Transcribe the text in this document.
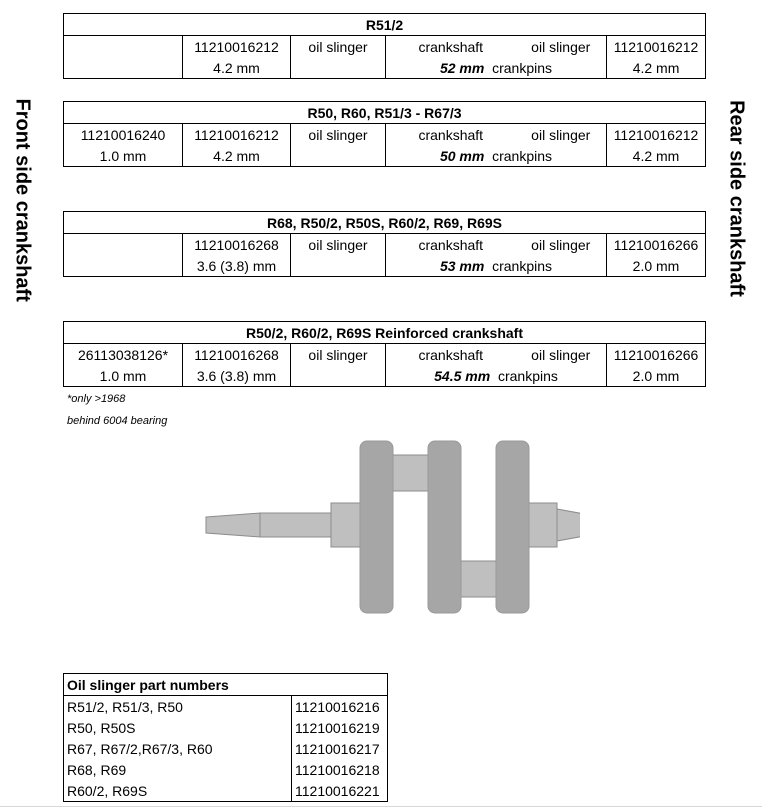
Front side crankshaft	Rear side crankshaft
R51/2					
	11210016212	oil slinger	crankshaft	oil slinger	11210016212
	4.2 mm		52 mm crankpins		4.2 mm
R50, R60, R51/3 - R67/3					
11210016240	11210016212	oil slinger	crankshaft	oil slinger	11210016212
1.0 mm	4.2 mm		50 mm crankpins		4.2 mm
R68, R50/2, R50S, R60/2, R69, R69S					
	11210016268	oil slinger	crankshaft	oil slinger	11210016266
	3.6 (3.8) mm		53 mm crankpins		2.0 mm
R50/2, R60/2, R69S Reinforced crankshaft					
26113038126*	11210016268	oil slinger	crankshaft	oil slinger	11210016266
1.0 mm	3.6 (3.8) mm		54.5 mm crankpins		2.0 mm
*only >1968
behind 6004 bearing
Oil slinger part numbers	
R51/2, R51/3, R50	11210016216
R50, R50S	11210016219
R67, R67/2,R67/3, R60	11210016217
R68, R69	11210016218
R60/2, R69S	11210016221
